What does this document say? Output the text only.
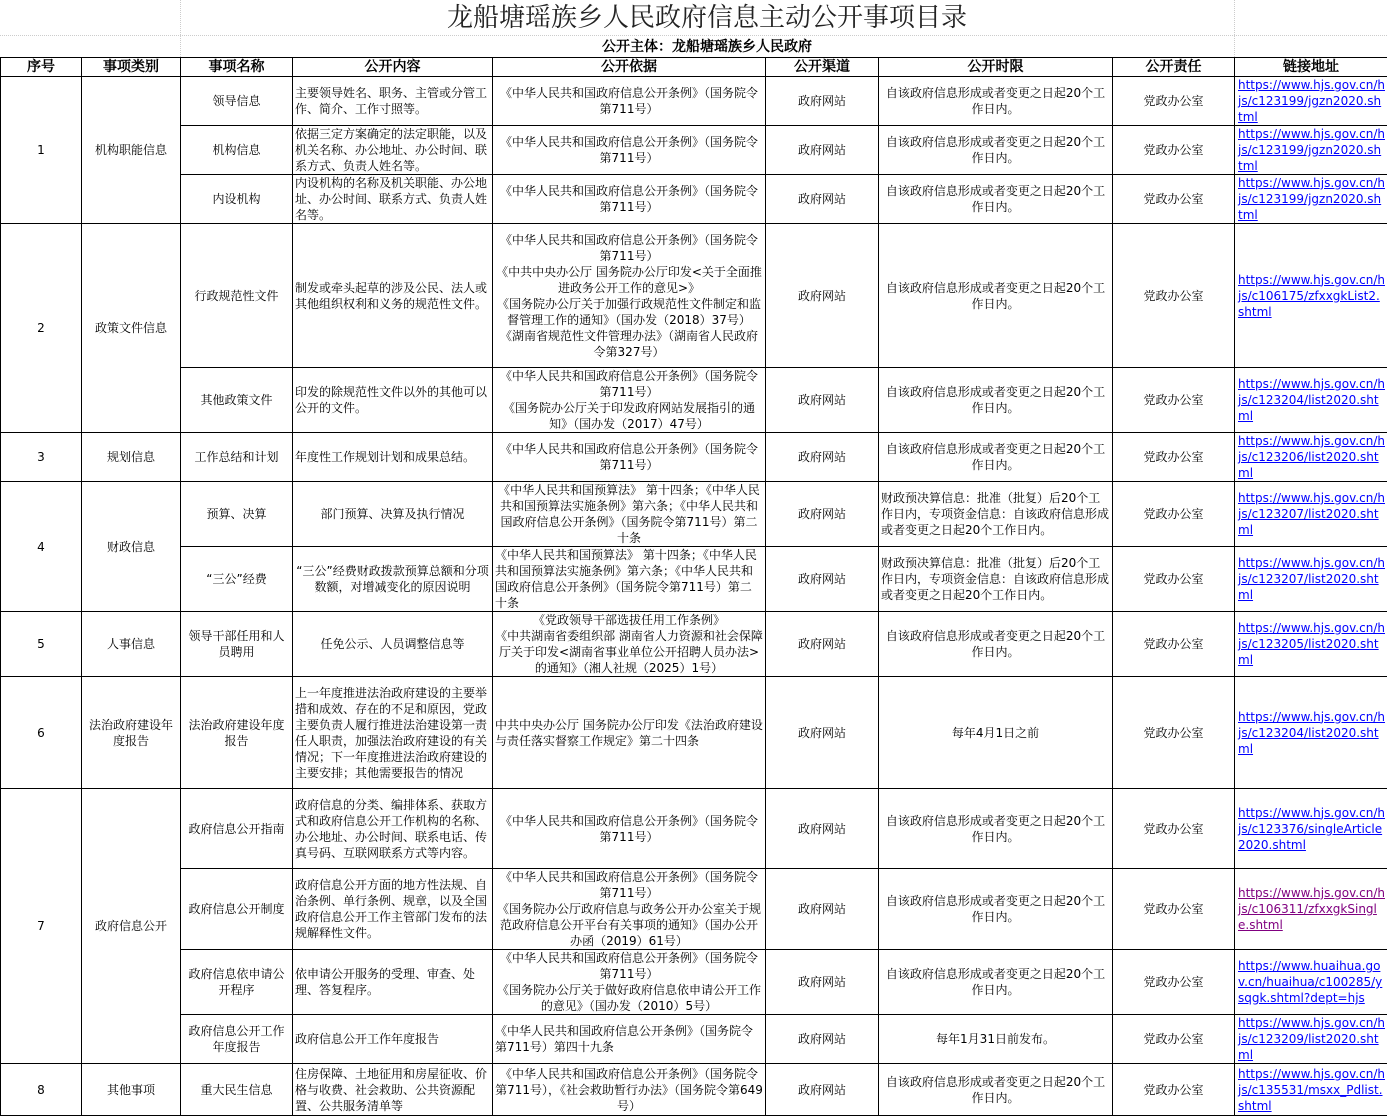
龙船塘瑶族乡人民政府信息主动公开事项目录
公开主体：龙船塘瑶族乡人民政府
序号	事项类别	事项名称	公开内容	公开依据	公开渠道	公开时限	公开责任	链接地址
1	机构职能信息	领导信息	主要领导姓名、职务、主管或分管工作、简介、工作寸照等。	《中华人民共和国政府信息公开条例》（国务院令第711号）	政府网站	自该政府信息形成或者变更之日起20个工作日内。	党政办公室	https://www.hjs.gov.cn/hjs/c123199/jgzn2020.shtml
		机构信息	依据三定方案确定的法定职能，以及机关名称、办公地址、办公时间、联系方式、负责人姓名等。	《中华人民共和国政府信息公开条例》（国务院令第711号）	政府网站	自该政府信息形成或者变更之日起20个工作日内。	党政办公室	https://www.hjs.gov.cn/hjs/c123199/jgzn2020.shtml
		内设机构	内设机构的名称及机关职能、办公地址、办公时间、联系方式、负责人姓名等。	《中华人民共和国政府信息公开条例》（国务院令第711号）	政府网站	自该政府信息形成或者变更之日起20个工作日内。	党政办公室	https://www.hjs.gov.cn/hjs/c123199/jgzn2020.shtml
2	政策文件信息	行政规范性文件	制发或牵头起草的涉及公民、法人或其他组织权利和义务的规范性文件。	《中华人民共和国政府信息公开条例》（国务院令第711号）

《中共中央办公厅 国务院办公厅印发<关于全面推进政务公开工作的意见>》

《国务院办公厅关于加强行政规范性文件制定和监督管理工作的通知》（国办发（2018）37号）

《湖南省规范性文件管理办法》（湖南省人民政府令第327号）	政府网站	自该政府信息形成或者变更之日起20个工作日内。	党政办公室	https://www.hjs.gov.cn/hjs/c106175/zfxxgkList2.shtml
		其他政策文件	印发的除规范性文件以外的其他可以公开的文件。	《中华人民共和国政府信息公开条例》（国务院令第711号）

《国务院办公厅关于印发政府网站发展指引的通知》（国办发（2017）47号）	政府网站	自该政府信息形成或者变更之日起20个工作日内。	党政办公室	https://www.hjs.gov.cn/hjs/c123204/list2020.shtml
3	规划信息	工作总结和计划	年度性工作规划计划和成果总结。	《中华人民共和国政府信息公开条例》（国务院令第711号）	政府网站	自该政府信息形成或者变更之日起20个工作日内。	党政办公室	https://www.hjs.gov.cn/hjs/c123206/list2020.shtml
4	财政信息	预算、决算	部门预算、决算及执行情况	《中华人民共和国预算法》 第十四条；《中华人民共和国预算法实施条例》第六条；《中华人民共和国政府信息公开条例》（国务院令第711号）第二十条	政府网站	财政预决算信息：批准（批复）后20个工作日内，专项资金信息：自该政府信息形成或者变更之日起20个工作日内。	党政办公室	https://www.hjs.gov.cn/hjs/c123207/list2020.shtml
		“三公”经费	“三公”经费财政拨款预算总额和分项数额，对增减变化的原因说明	《中华人民共和国预算法》 第十四条；《中华人民共和国预算法实施条例》第六条；《中华人民共和国政府信息公开条例》（国务院令第711号）第二十条	政府网站	财政预决算信息：批准（批复）后20个工作日内，专项资金信息：自该政府信息形成或者变更之日起20个工作日内。	党政办公室	https://www.hjs.gov.cn/hjs/c123207/list2020.shtml
5	人事信息	领导干部任用和人员聘用	任免公示、人员调整信息等	《党政领导干部选拔任用工作条例》

《中共湖南省委组织部 湖南省人力资源和社会保障厅关于印发<湖南省事业单位公开招聘人员办法>的通知》（湘人社规（2025）1号）	政府网站	自该政府信息形成或者变更之日起20个工作日内。	党政办公室	https://www.hjs.gov.cn/hjs/c123205/list2020.shtml
6	法治政府建设年度报告	法治政府建设年度报告	上一年度推进法治政府建设的主要举措和成效、存在的不足和原因，党政主要负责人履行推进法治建设第一责任人职责，加强法治政府建设的有关情况；下一年度推进法治政府建设的主要安排；其他需要报告的情况	中共中央办公厅 国务院办公厅印发《法治政府建设与责任落实督察工作规定》第二十四条	政府网站	每年4月1日之前	党政办公室	https://www.hjs.gov.cn/hjs/c123204/list2020.shtml
7	政府信息公开	政府信息公开指南	政府信息的分类、编排体系、获取方式和政府信息公开工作机构的名称、办公地址、办公时间、联系电话、传真号码、互联网联系方式等内容。	《中华人民共和国政府信息公开条例》（国务院令第711号）	政府网站	自该政府信息形成或者变更之日起20个工作日内。	党政办公室	https://www.hjs.gov.cn/hjs/c123376/singleArticle2020.shtml
		政府信息公开制度	政府信息公开方面的地方性法规、自治条例、单行条例、规章，以及全国政府信息公开工作主管部门发布的法规解释性文件。	《中华人民共和国政府信息公开条例》（国务院令第711号）

《国务院办公厅政府信息与政务公开办公室关于规范政府信息公开平台有关事项的通知》（国办公开办函（2019）61号）	政府网站	自该政府信息形成或者变更之日起20个工作日内。	党政办公室	https://www.hjs.gov.cn/hjs/c106311/zfxxgkSingle.shtml
		政府信息依申请公开程序	依申请公开服务的受理、审查、处理、答复程序。	《中华人民共和国政府信息公开条例》（国务院令第711号）

《国务院办公厅关于做好政府信息依申请公开工作的意见》（国办发（2010）5号）	政府网站	自该政府信息形成或者变更之日起20个工作日内。	党政办公室	https://www.huaihua.gov.cn/huaihua/c100285/ysqgk.shtml?dept=hjs
		政府信息公开工作年度报告	政府信息公开工作年度报告	《中华人民共和国政府信息公开条例》（国务院令第711号）第四十九条	政府网站	每年1月31日前发布。	党政办公室	https://www.hjs.gov.cn/hjs/c123209/list2020.shtml
8	其他事项	重大民生信息	住房保障、土地征用和房屋征收、价格与收费、社会救助、公共资源配置、公共服务清单等	《中华人民共和国政府信息公开条例》（国务院令第711号），《社会救助暂行办法》（国务院令第649号）	政府网站	自该政府信息形成或者变更之日起20个工作日内。	党政办公室	https://www.hjs.gov.cn/hjs/c135531/msxx_Pdlist.shtml
